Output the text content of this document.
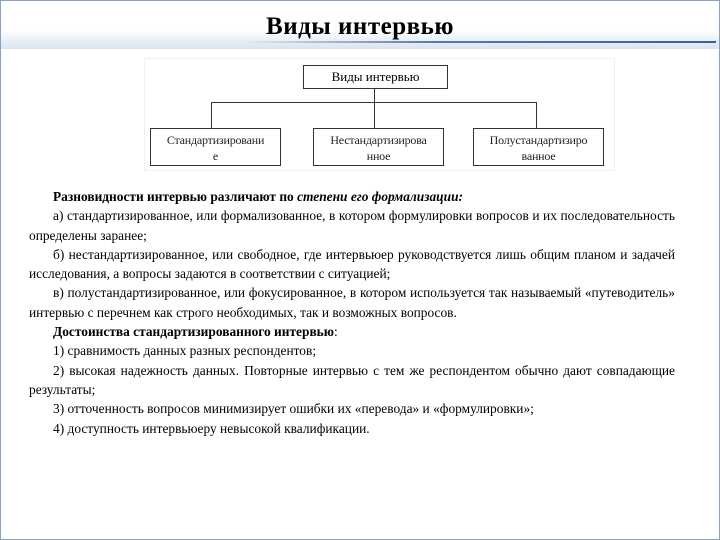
Виды интервью
Виды интервью
Стандартизировани
е
Нестандартизирова
нное
Полустандартизиро
ванное
Разновидности интервью различают по степени его формализации:
а) стандартизированное, или формализованное, в котором формулировки вопросов и их последовательность определены заранее;
б) нестандартизированное, или свободное, где интервьюер руководствуется лишь общим планом и задачей исследования, а вопросы задаются в соответствии с ситуацией;
в) полустандартизированное, или фокусированное, в котором используется так называемый «путеводитель» интервью с перечнем как строго необходимых, так и возможных вопросов.
Достоинства стандартизированного интервью:
1) сравнимость данных разных респондентов;
2) высокая надежность данных. Повторные интервью с тем же респондентом обычно дают совпадающие результаты;
3) отточенность вопросов минимизирует ошибки их «перевода» и «формулировки»;
4) доступность интервьюеру невысокой квалификации.
